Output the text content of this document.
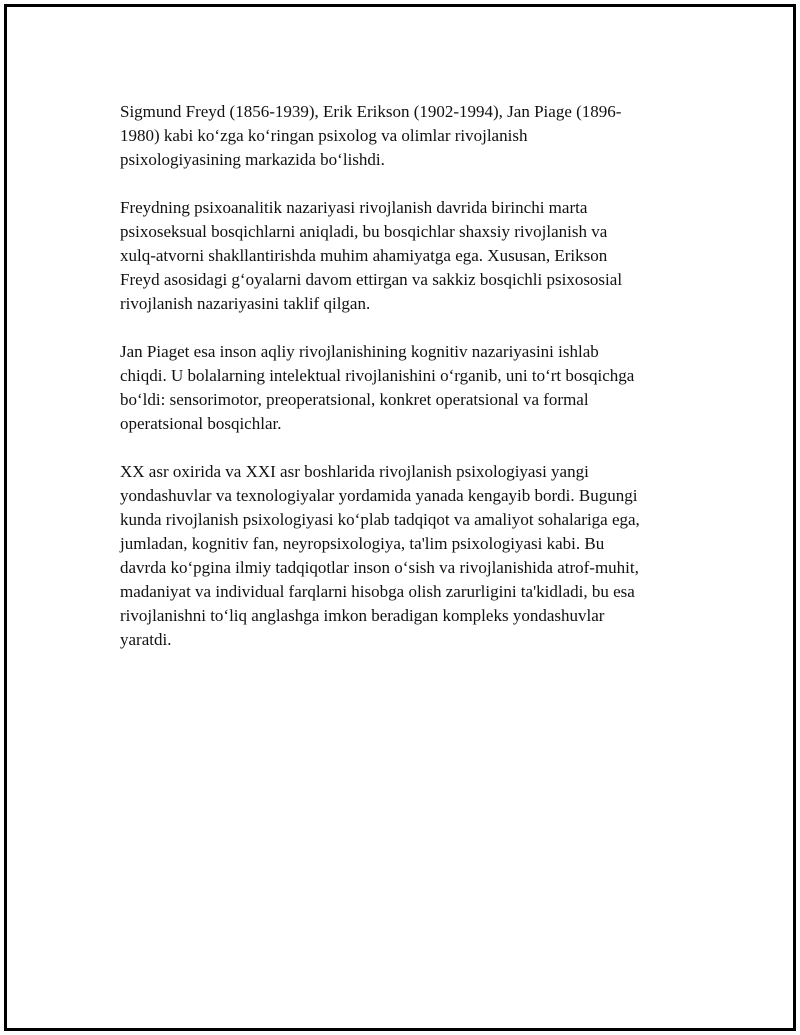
Sigmund Freyd (1856-1939), Erik Erikson (1902-1994), Jan Piage (1896-
1980) kabi ko‘zga ko‘ringan psixolog va olimlar rivojlanish
psixologiyasining markazida bo‘lishdi.

Freydning psixoanalitik nazariyasi rivojlanish davrida birinchi marta
psixoseksual bosqichlarni aniqladi, bu bosqichlar shaxsiy rivojlanish va
xulq-atvorni shakllantirishda muhim ahamiyatga ega. Xususan, Erikson
Freyd asosidagi g‘oyalarni davom ettirgan va sakkiz bosqichli psixososial
rivojlanish nazariyasini taklif qilgan.

Jan Piaget esa inson aqliy rivojlanishining kognitiv nazariyasini ishlab
chiqdi. U bolalarning intelektual rivojlanishini o‘rganib, uni to‘rt bosqichga
bo‘ldi: sensorimotor, preoperatsional, konkret operatsional va formal
operatsional bosqichlar.

XX asr oxirida va XXI asr boshlarida rivojlanish psixologiyasi yangi
yondashuvlar va texnologiyalar yordamida yanada kengayib bordi. Bugungi
kunda rivojlanish psixologiyasi ko‘plab tadqiqot va amaliyot sohalariga ega,
jumladan, kognitiv fan, neyropsixologiya, ta'lim psixologiyasi kabi. Bu
davrda ko‘pgina ilmiy tadqiqotlar inson o‘sish va rivojlanishida atrof-muhit,
madaniyat va individual farqlarni hisobga olish zarurligini ta'kidladi, bu esa
rivojlanishni to‘liq anglashga imkon beradigan kompleks yondashuvlar
yaratdi.
